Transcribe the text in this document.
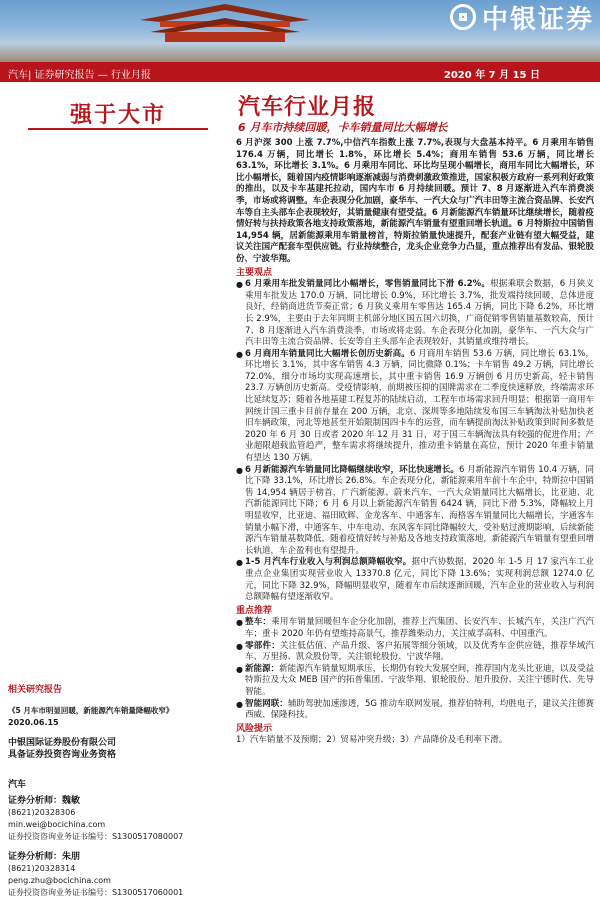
中银证券
汽车| 证券研究报告 — 行业月报	2020 年 7 月 15 日
强于大市
相关研究报告
《5 月车市明显回暖，新能源汽车销量降幅收窄》
2020.06.15
中银国际证券股份有限公司
具备证券投资咨询业务资格
汽车
证券分析师：魏敏
(8621)20328306
min.wei@bocichina.com
证券投资咨询业务证书编号：S1300517080007
证券分析师：朱朋
(8621)20328314
peng.zhu@bocichina.com
证券投资咨询业务证书编号：S1300517060001
汽车行业月报
6 月车市持续回暖，卡车销量同比大幅增长

6 月沪深 300 上涨 7.7%,中信汽车指数上涨 7.7%,表现与大盘基本持平。6 月乘用车销售 176.4 万辆，同比增长 1.8%，环比增长 5.4%；商用车销售 53.6 万辆，同比增长 63.1%，环比增长 3.1%。6 月乘用车同比、环比均呈现小幅增长，商用车同比大幅增长，环比小幅增长，随着国内疫情影响逐渐减弱与消费刺激政策推进，国家积极方政府一系列利好政策的推出，以及卡车基建托拉动，国内车市 6 月持续回暖。预计 7、8 月逐渐进入汽车消费淡季，市场或将调整。车企表现分化加剧，豪华车、一汽大众与广汽丰田等主流合资品牌、长安汽车等自主头部车企表现较好，其销量健康有望受益。6 月新能源汽车销量环比继续增长，随着疫情好转与扶持政策各地支持政策落地，新能源汽车销量有望重回增长轨道。6 月特斯拉中国销售 14,954 辆，居新能源乘用车销量榜首，特斯拉销量快速提升，配套产业链有望大幅受益，建议关注国产配套车型供应链。行业持续整合，龙头企业竞争力凸显，重点推荐出有发品、银轮股份、宁波华翔。

主要观点
● 6 月乘用车批发销量同比小幅增长，零售销量同比下滑 6.2%。根据乘联会数据，6 月狭义乘用车批发达 170.0 万辆，同比增长 0.9%，环比增长 3.7%，批发端持续回暖，总体进度良好，经销商进货节奏正常；6 月狭义乘用车零售达 165.4 万辆，同比下降 6.2%，环比增长 2.9%，主要由于去年同期主机部分地区国五国六切换，广商促销零售销量基数较高，预计 7、8 月逐渐进入汽车消费淡季，市场或将走弱。车企表现分化加剧，豪华车、一汽大众与广汽丰田等主流合资品牌、长安等自主头部车企表现较好，其销量或维持增长。
● 6 月商用车销量同比大幅增长创历史新高。6 月商用车销售 53.6 万辆，同比增长 63.1%，环比增长 3.1%，其中客车销售 4.3 万辆，同比微降 0.1%；卡车销售 49.2 万辆，同比增长 72.0%，细分市场均实现高速增长，其中重卡销售 16.9 万辆创 6 月历史新高，轻卡销售 23.7 万辆创历史新高。受疫情影响，前期被压抑的国牌需求在二季度快速释放，终端需求环比延续复苏；随着各地基建工程复苏的陆续启动，工程车市场需求回升明显；根据第一商用车网统计国三重卡目前存量在 200 万辆，北京、深圳等多地陆续发布国三车辆淘汰补贴加快老旧车辆政策，河北等地甚至开始限制国四卡车的运营，而车辆提前淘汰补贴政策到时间多数是 2020 年 6 月 30 日或者 2020 年 12 月 31 日，对于国三车辆淘汰具有较强的促进作用；产业超限超载监管趋严，整车需求将继续提升，推动重卡销量在高位，预计 2020 年重卡销量有望达 130 万辆。
● 6 月新能源汽车销量同比降幅继续收窄，环比快速增长。6 月新能源汽车销售 10.4 万辆，同比下降 33.1%，环比增长 26.8%。车企表现分化，新能源乘用车前十车企中，特斯拉中国销售 14,954 辆居于榜首，广汽新能源、蔚来汽车、一汽大众销量同比大幅增长，比亚迪、北汽新能源同比下降；6 月 6 月以上新能源汽车销售 6424 辆，同比下滑 5.3%，降幅较上月明显收窄，比亚迪、福田欧辉、金龙客车、中通客车、海格客车销量同比大幅增长，宇通客车销量小幅下滑，中通客车、中车电动、东风客车同比降幅较大，受补贴过渡期影响，后续新能源汽车销量基数降低，随着疫情好转与补贴及各地支持政策落地，新能源汽车销量有望重回增长轨道，车企盈利也有望提升。
● 1-5 月汽车行业收入与利润总额降幅收窄。据中汽协数据，2020 年 1-5 月 17 家汽车工业重点企业集团实现营业收入 13370.8 亿元，同比下降 13.6%；实现利润总额 1274.0 亿元，同比下降 32.9%，降幅明显收窄，随着车市后续逐渐回暖，汽车企业的营业收入与利润总额降幅有望逐渐收窄。
重点推荐
● 整车：乘用车销量回暖但车企分化加剧，推荐上汽集团、长安汽车、长城汽车，关注广汽汽车；重卡 2020 年仍有望维持高景气，推荐潍柴动力，关注威孚高科、中国重汽。
● 零部件：关注低估值、产品升级、客户拓展等细分领域，以及优秀车企供应链，推荐华域汽车、万里扬、凯众股份等，关注银轮股份、宁波华翔。
● 新能源：新能源汽车销量短期承压，长期仍有较大发展空间，推荐国内龙头比亚迪，以及受益特斯拉及大众 MEB 国产的拓普集团、宁波华翔、银轮股份、旭升股份、关注宁德时代、先导智能。
● 智能网联：辅助驾驶加速渗透，5G 推动车联网发展，推荐伯特利，均胜电子，建议关注德赛西威、保隆科技。
风险提示

1）汽车销量不及预期；2）贸易冲突升级；3）产品降价及毛利率下滑。
